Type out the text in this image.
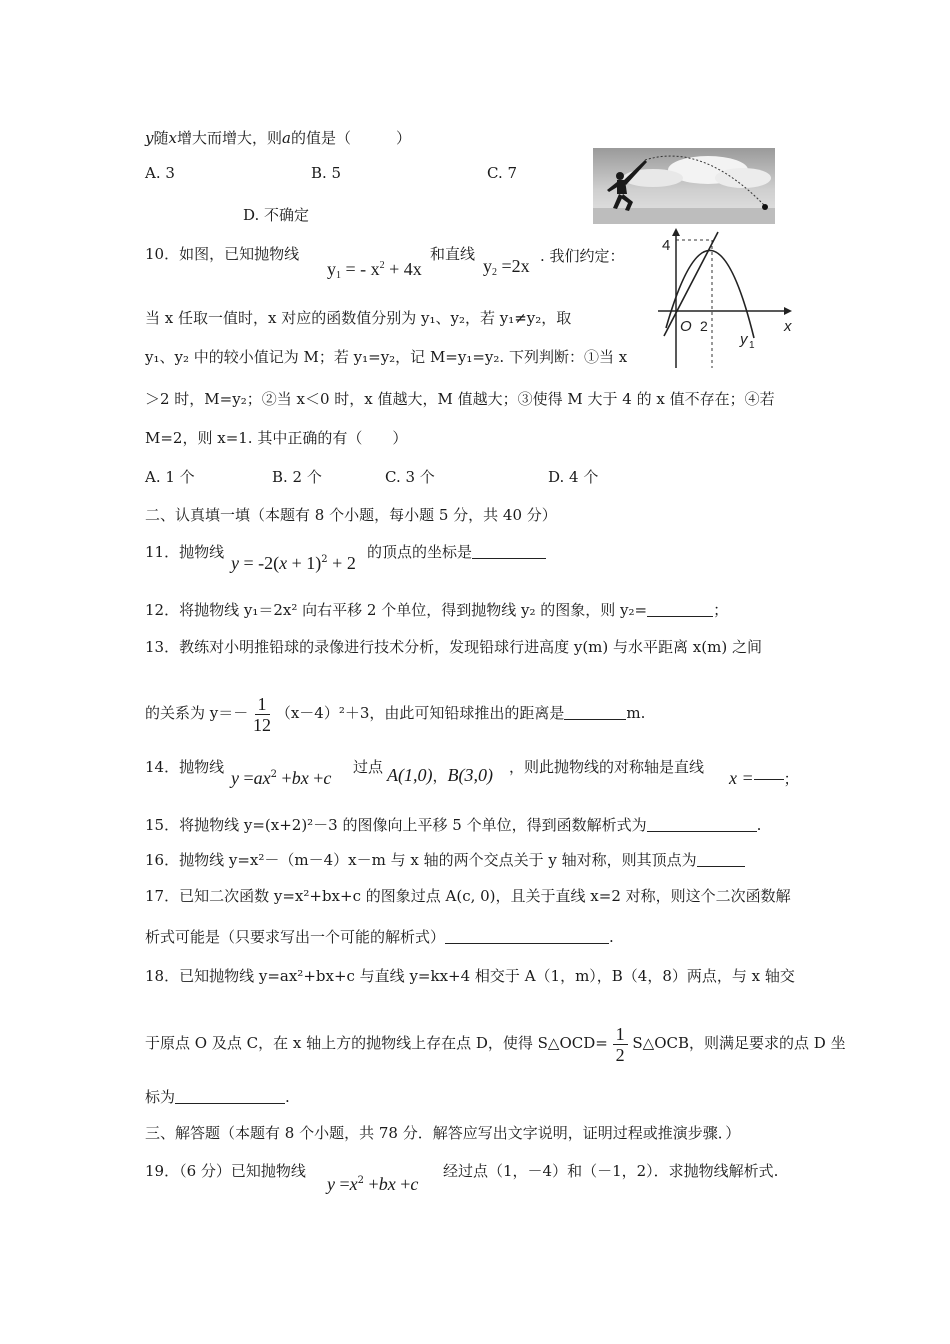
y随x增大而增大，则a的值是（　　　）
A. 3	B. 5	C. 7
D. 不确定
10．如图，已知抛物线
$y_1$ = - $x^2 + 4x$
和直线
$y_2 =2x$ . 我们约定：
当 x 任取一值时，x 对应的函数值分别为 y₁、y₂，若 y₁≠y₂，取
y₁、y₂ 中的较小值记为 M；若 y₁=y₂，记 M=y₁=y₂. 下列判断：①当 x
＞2 时，M=y₂；②当 x＜0 时，x 值越大，M 值越大；③使得 M 大于 4 的 x 值不存在；④若
M=2，则 x=1. 其中正确的有（　　）
A. 1 个	B. 2 个	C. 3 个	D. 4 个
4
O 2	x
y 1
二、认真填一填（本题有 8 个小题，每小题 5 分，共 40 分）
11．抛物线
$y = -2(x + 1)^2 + 2$
的顶点的坐标是
12．将抛物线 y₁＝2x² 向右平移 2 个单位，得到抛物线 y₂ 的图象，则 y₂=	；
13．教练对小明推铅球的录像进行技术分析，发现铅球行进高度 y(m) 与水平距离 x(m) 之间
的关系为 $y=- \frac{1}{12} (x-4)^2+3$，由此可知铅球推出的距离是	m.
14．抛物线
$y =ax^2 +bx +c$
过点 A(1,0)，B(3,0) ，则此抛物线的对称轴是直线
x = ；
15．将抛物线 y=(x+2)²－3 的图像向上平移 5 个单位，得到函数解析式为	.
16．抛物线 y=x²－（m－4）x－m 与 x 轴的两个交点关于 y 轴对称，则其顶点为
17．已知二次函数 y=x²+bx+c 的图象过点 A(c, 0)，且关于直线 x=2 对称，则这个二次函数解
析式可能是（只要求写出一个可能的解析式）	.
18．已知抛物线 y=ax²+bx+c 与直线 y=kx+4 相交于 A（1，m），B（4，8）两点，与 x 轴交
于原点 O 及点 C，在 x 轴上方的抛物线上存在点 D，使得 S△OCD= $\frac{1}{2}$ S△OCB，则满足要求的点 D 坐
标为	.
三、解答题（本题有 8 个小题，共 78 分．解答应写出文字说明，证明过程或推演步骤．）
19．（6 分）已知抛物线
$y =x^2 +bx +c$
经过点（1，－4）和（－1，2）．求抛物线解析式.
